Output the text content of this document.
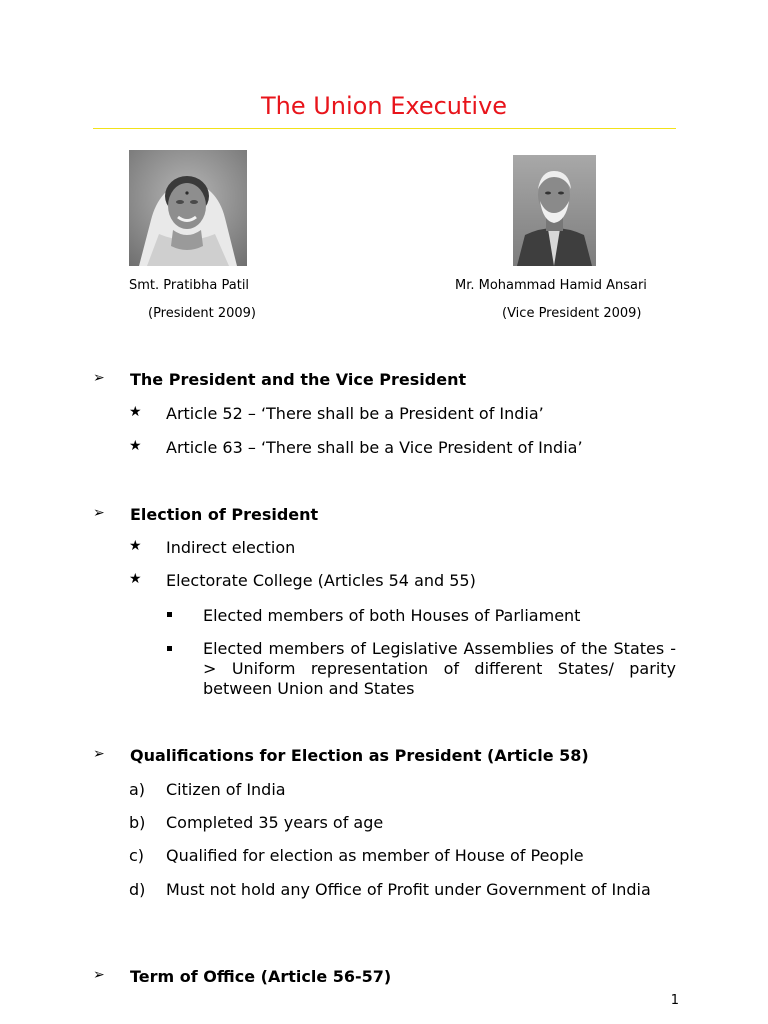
The Union Executive
Smt. Pratibha Patil
(President 2009)
Mr. Mohammad Hamid Ansari
(Vice President 2009)
➢ The President and the Vice President
★ Article 52 – ‘There shall be a President of India’
★ Article 63 – ‘There shall be a Vice President of India’
➢ Election of President
★ Indirect election
★ Electorate College (Articles 54 and 55)
Elected members of both Houses of Parliament
Elected members of Legislative Assemblies of the States -> Uniform representation of different States/ parity between Union and States
➢ Qualifications for Election as President (Article 58)
a) Citizen of India
b) Completed 35 years of age
c) Qualified for election as member of House of People
d) Must not hold any Office of Profit under Government of India
➢ Term of Office (Article 56-57)
1
